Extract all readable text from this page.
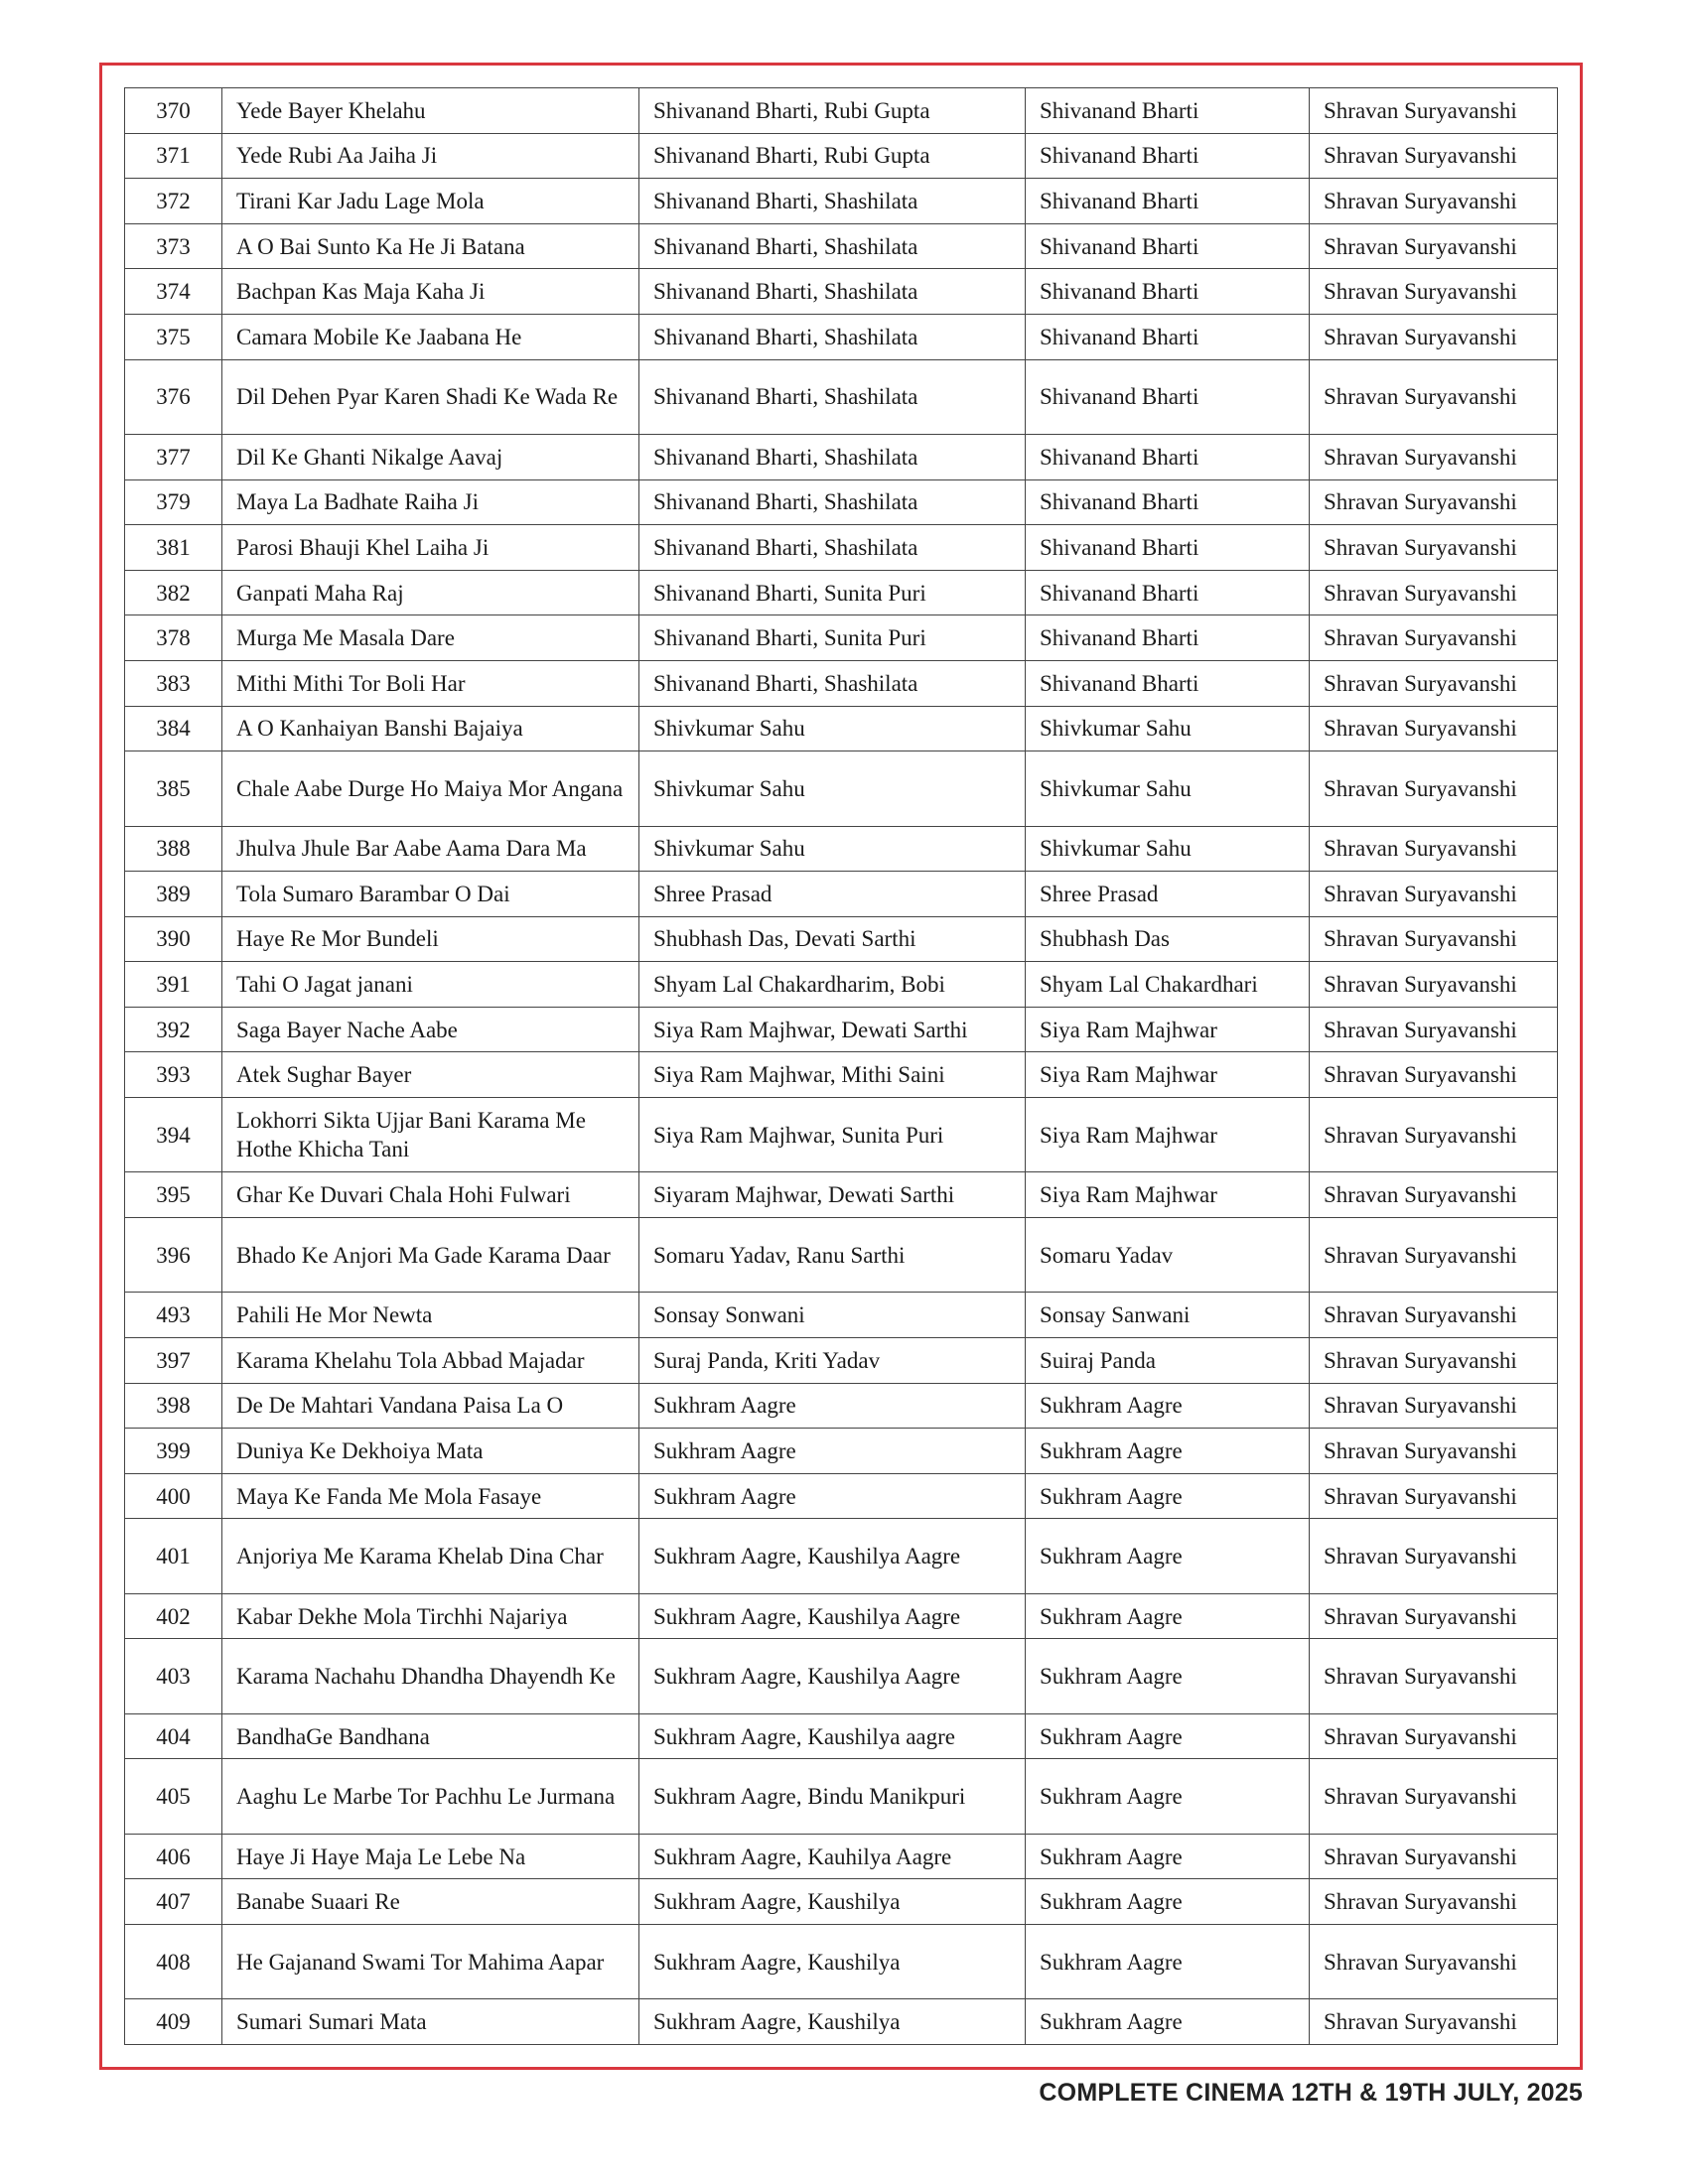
370	Yede Bayer Khelahu	Shivanand Bharti, Rubi Gupta	Shivanand Bharti	Shravan Suryavanshi
371	Yede Rubi Aa Jaiha Ji	Shivanand Bharti, Rubi Gupta	Shivanand Bharti	Shravan Suryavanshi
372	Tirani Kar Jadu Lage Mola	Shivanand Bharti, Shashilata	Shivanand Bharti	Shravan Suryavanshi
373	A O Bai Sunto Ka He Ji Batana	Shivanand Bharti, Shashilata	Shivanand Bharti	Shravan Suryavanshi
374	Bachpan Kas Maja Kaha Ji	Shivanand Bharti, Shashilata	Shivanand Bharti	Shravan Suryavanshi
375	Camara Mobile Ke Jaabana He	Shivanand Bharti, Shashilata	Shivanand Bharti	Shravan Suryavanshi
376	Dil Dehen Pyar Karen Shadi Ke Wada Re	Shivanand Bharti, Shashilata	Shivanand Bharti	Shravan Suryavanshi
377	Dil Ke Ghanti Nikalge Aavaj	Shivanand Bharti, Shashilata	Shivanand Bharti	Shravan Suryavanshi
379	Maya La Badhate Raiha Ji	Shivanand Bharti, Shashilata	Shivanand Bharti	Shravan Suryavanshi
381	Parosi Bhauji Khel Laiha Ji	Shivanand Bharti, Shashilata	Shivanand Bharti	Shravan Suryavanshi
382	Ganpati Maha Raj	Shivanand Bharti, Sunita Puri	Shivanand Bharti	Shravan Suryavanshi
378	Murga Me Masala Dare	Shivanand Bharti, Sunita Puri	Shivanand Bharti	Shravan Suryavanshi
383	Mithi Mithi Tor Boli Har	Shivanand Bharti, Shashilata	Shivanand Bharti	Shravan Suryavanshi
384	A O Kanhaiyan Banshi Bajaiya	Shivkumar Sahu	Shivkumar Sahu	Shravan Suryavanshi
385	Chale Aabe Durge Ho Maiya Mor Angana	Shivkumar Sahu	Shivkumar Sahu	Shravan Suryavanshi
388	Jhulva Jhule Bar Aabe Aama Dara Ma	Shivkumar Sahu	Shivkumar Sahu	Shravan Suryavanshi
389	Tola Sumaro Barambar O Dai	Shree Prasad	Shree Prasad	Shravan Suryavanshi
390	Haye Re Mor Bundeli	Shubhash Das, Devati Sarthi	Shubhash Das	Shravan Suryavanshi
391	Tahi O Jagat janani	Shyam Lal Chakardharim, Bobi	Shyam Lal Chakardhari	Shravan Suryavanshi
392	Saga Bayer Nache Aabe	Siya Ram Majhwar, Dewati Sarthi	Siya Ram Majhwar	Shravan Suryavanshi
393	Atek Sughar Bayer	Siya Ram Majhwar, Mithi Saini	Siya Ram Majhwar	Shravan Suryavanshi
394	Lokhorri Sikta Ujjar Bani Karama Me Hothe Khicha Tani	Siya Ram Majhwar, Sunita Puri	Siya Ram Majhwar	Shravan Suryavanshi
395	Ghar Ke Duvari Chala Hohi Fulwari	Siyaram Majhwar, Dewati Sarthi	Siya Ram Majhwar	Shravan Suryavanshi
396	Bhado Ke Anjori Ma Gade Karama Daar	Somaru Yadav, Ranu Sarthi	Somaru Yadav	Shravan Suryavanshi
493	Pahili He Mor Newta	Sonsay Sonwani	Sonsay Sanwani	Shravan Suryavanshi
397	Karama Khelahu Tola Abbad Majadar	Suraj Panda, Kriti Yadav	Suiraj Panda	Shravan Suryavanshi
398	De De Mahtari Vandana Paisa La O	Sukhram Aagre	Sukhram Aagre	Shravan Suryavanshi
399	Duniya Ke Dekhoiya Mata	Sukhram Aagre	Sukhram Aagre	Shravan Suryavanshi
400	Maya Ke Fanda Me Mola Fasaye	Sukhram Aagre	Sukhram Aagre	Shravan Suryavanshi
401	Anjoriya Me Karama Khelab Dina Char	Sukhram Aagre, Kaushilya Aagre	Sukhram Aagre	Shravan Suryavanshi
402	Kabar Dekhe Mola Tirchhi Najariya	Sukhram Aagre, Kaushilya Aagre	Sukhram Aagre	Shravan Suryavanshi
403	Karama Nachahu Dhandha Dhayendh Ke	Sukhram Aagre, Kaushilya Aagre	Sukhram Aagre	Shravan Suryavanshi
404	BandhaGe Bandhana	Sukhram Aagre, Kaushilya aagre	Sukhram Aagre	Shravan Suryavanshi
405	Aaghu Le Marbe Tor Pachhu Le Jurmana	Sukhram Aagre, Bindu Manikpuri	Sukhram Aagre	Shravan Suryavanshi
406	Haye Ji Haye Maja Le Lebe Na	Sukhram Aagre, Kauhilya Aagre	Sukhram Aagre	Shravan Suryavanshi
407	Banabe Suaari Re	Sukhram Aagre, Kaushilya	Sukhram Aagre	Shravan Suryavanshi
408	He Gajanand Swami Tor Mahima Aapar	Sukhram Aagre, Kaushilya	Sukhram Aagre	Shravan Suryavanshi
409	Sumari Sumari Mata	Sukhram Aagre, Kaushilya	Sukhram Aagre	Shravan Suryavanshi
COMPLETE CINEMA 12TH & 19TH JULY, 2025
